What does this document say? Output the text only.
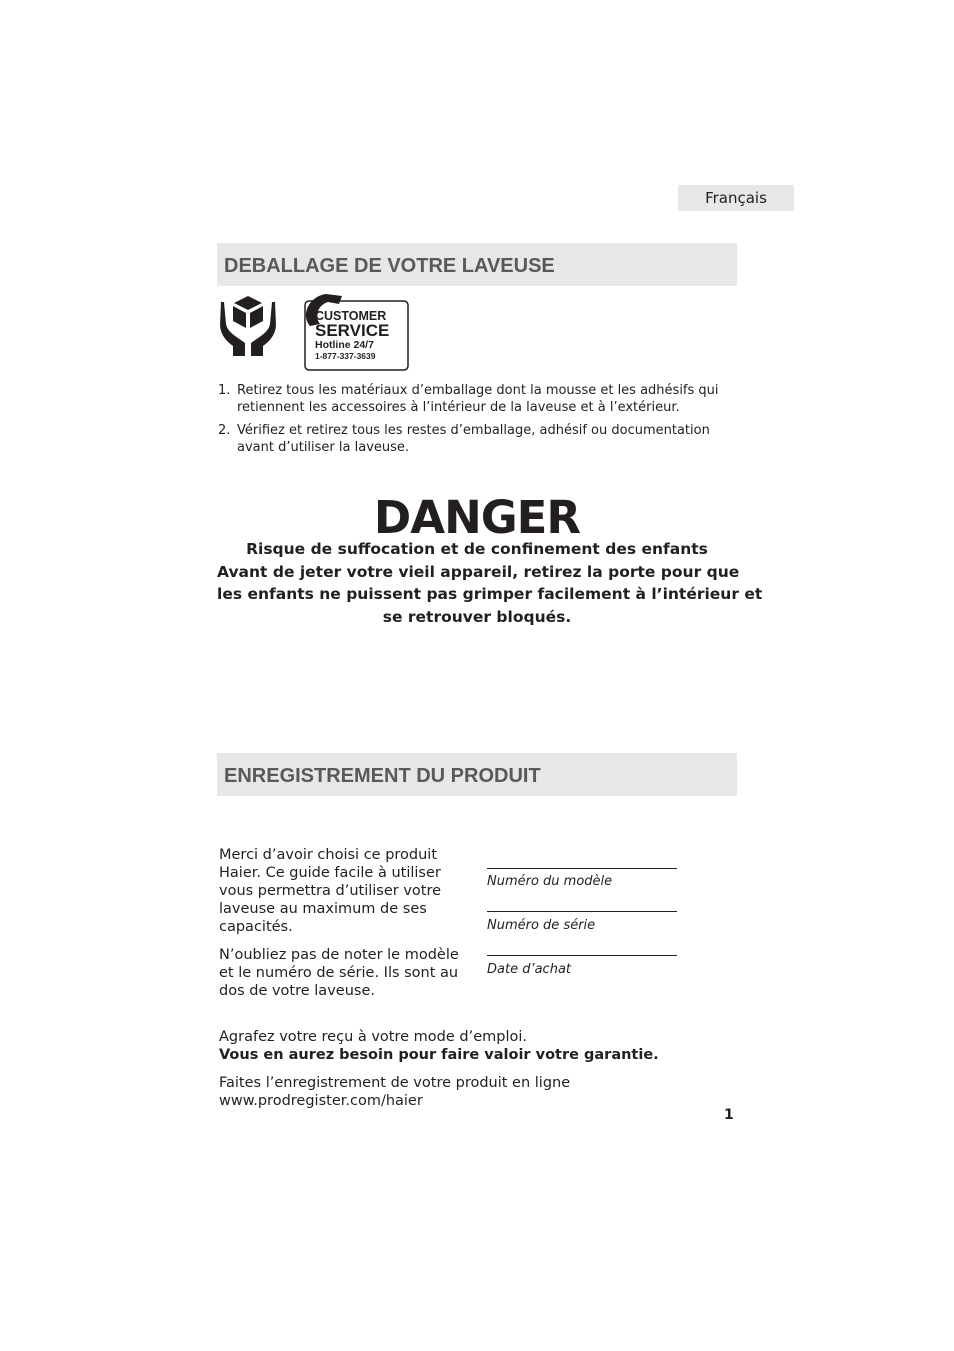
Français
DEBALLAGE DE VOTRE LAVEUSE
CUSTOMER
SERVICE
Hotline 24/7
1-877-337-3639
1. Retirez tous les matériaux d’emballage dont la mousse et les adhésifs qui retiennent les accessoires à l’intérieur de la laveuse et à l’extérieur.
2. Vérifiez et retirez tous les restes d’emballage, adhésif ou documentation avant d’utiliser la laveuse.
DANGER
Risque de suffocation et de confinement des enfants
Avant de jeter votre vieil appareil, retirez la porte pour que
les enfants ne puissent pas grimper facilement à l’intérieur et
se retrouver bloqués.
ENREGISTREMENT DU PRODUIT

Merci d’avoir choisi ce produit Haier. Ce guide facile à utiliser vous permettra d’utiliser votre laveuse au maximum de ses capacités.

N’oubliez pas de noter le modèle et le numéro de série. Ils sont au dos de votre laveuse.

Numéro du modèle
Numéro de série
Date d’achat

Agrafez votre reçu à votre mode d’emploi.

Vous en aurez besoin pour faire valoir votre garantie.

Faites l’enregistrement de votre produit en ligne

www.prodregister.com/haier

1
